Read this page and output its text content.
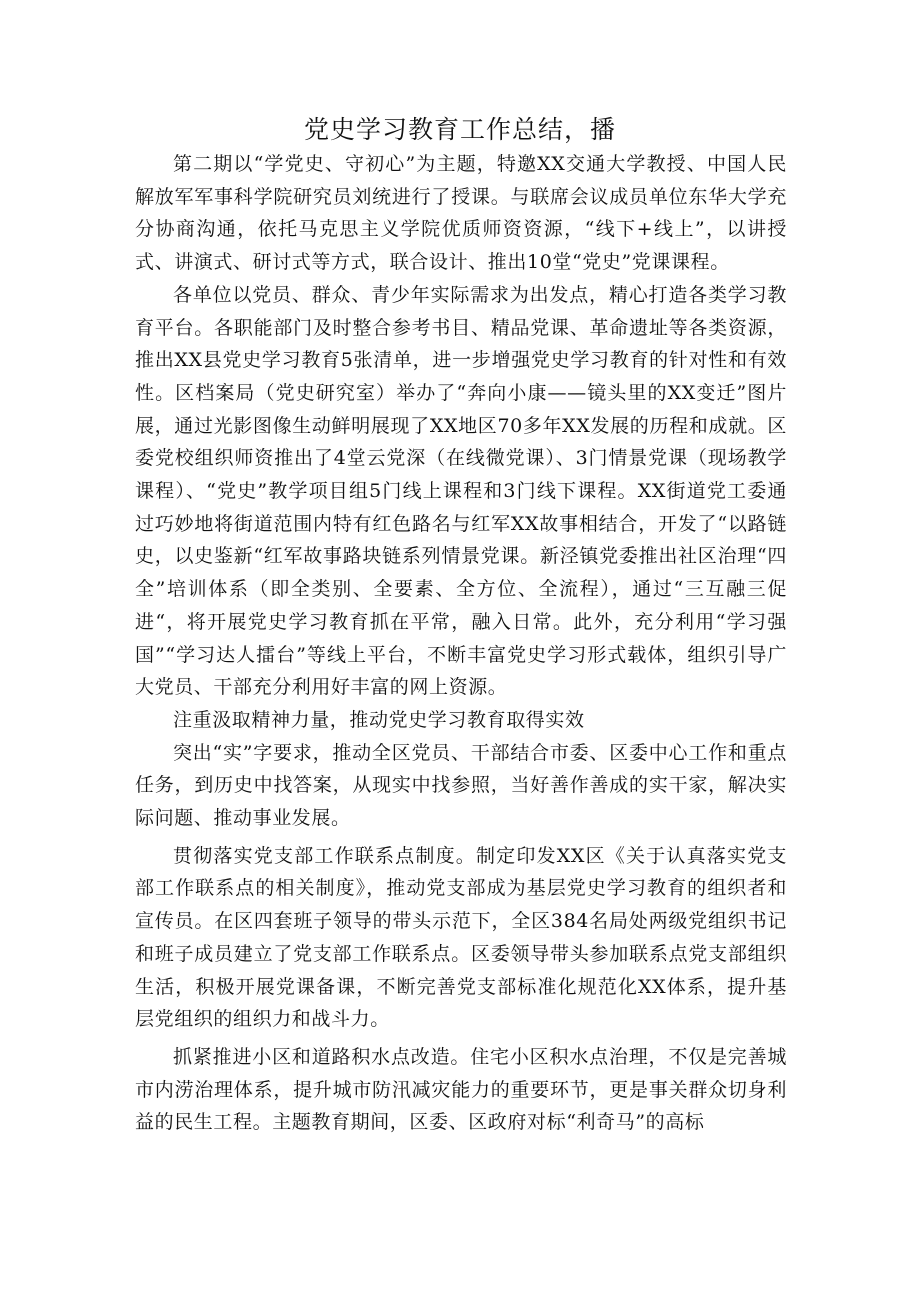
党史学习教育工作总结，播

第二期以“学党史、守初心”为主题，特邀XX交通大学教授、中国人民解放军军事科学院研究员刘统进行了授课。与联席会议成员单位东华大学充分协商沟通，依托马克思主义学院优质师资资源，“线下+线上”，以讲授式、讲演式、研讨式等方式，联合设计、推出10堂“党史”党课课程。

各单位以党员、群众、青少年实际需求为出发点，精心打造各类学习教育平台。各职能部门及时整合参考书目、精品党课、革命遗址等各类资源，推出XX县党史学习教育5张清单，进一步增强党史学习教育的针对性和有效性。区档案局（党史研究室）举办了“奔向小康——镜头里的XX变迁”图片展，通过光影图像生动鲜明展现了XX地区70多年XX发展的历程和成就。区委党校组织师资推出了4堂云党深（在线微党课）、3门情景党课（现场教学课程）、“党史”教学项目组5门线上课程和3门线下课程。XX街道党工委通过巧妙地将街道范围内特有红色路名与红军XX故事相结合，开发了“以路链史，以史鉴新“红军故事路块链系列情景党课。新泾镇党委推出社区治理“四全”培训体系（即全类别、全要素、全方位、全流程），通过“三互融三促进“，将开展党史学习教育抓在平常，融入日常。此外，充分利用“学习强国”“学习达人擂台”等线上平台，不断丰富党史学习形式载体，组织引导广大党员、干部充分利用好丰富的网上资源。

注重汲取精神力量，推动党史学习教育取得实效

突出“实”字要求，推动全区党员、干部结合市委、区委中心工作和重点任务，到历史中找答案，从现实中找参照，当好善作善成的实干家，解决实际问题、推动事业发展。

贯彻落实党支部工作联系点制度。制定印发XX区《关于认真落实党支部工作联系点的相关制度》，推动党支部成为基层党史学习教育的组织者和宣传员。在区四套班子领导的带头示范下，全区384名局处两级党组织书记和班子成员建立了党支部工作联系点。区委领导带头参加联系点党支部组织生活，积极开展党课备课，不断完善党支部标准化规范化XX体系，提升基层党组织的组织力和战斗力。

抓紧推进小区和道路积水点改造。住宅小区积水点治理，不仅是完善城市内涝治理体系，提升城市防汛减灾能力的重要环节，更是事关群众切身利益的民生工程。主题教育期间，区委、区政府对标“利奇马”的高标
